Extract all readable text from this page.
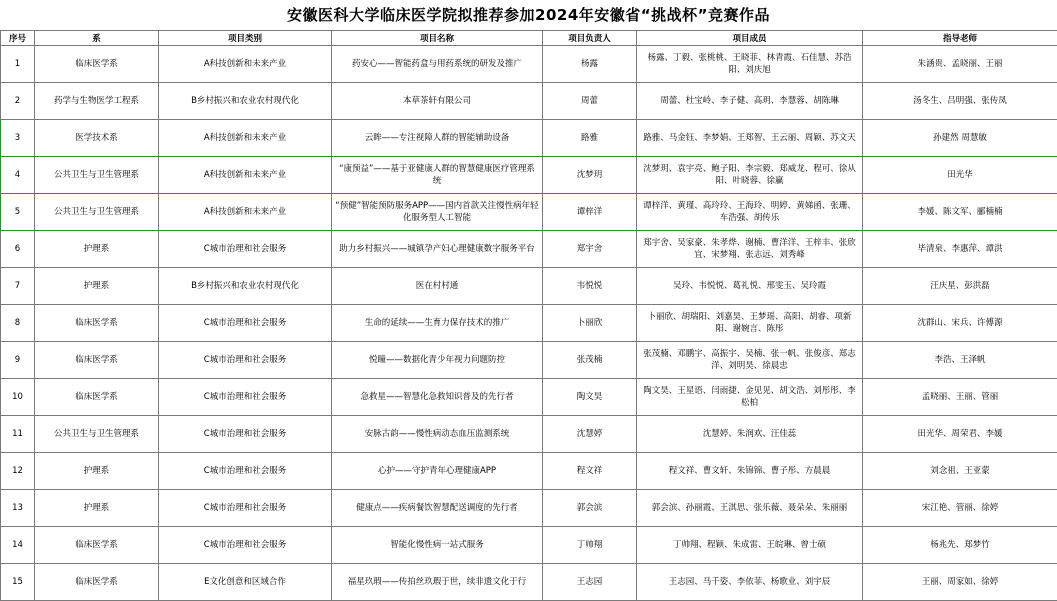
安徽医科大学临床医学院拟推荐参加2024年安徽省“挑战杯”竞赛作品
序号	系	项目类别	项目名称	项目负责人	项目成员	指导老师
1	临床医学系	A科技创新和未来产业	药安心——智能药盒与用药系统的研发及推广	杨露	杨露、丁毅、张桃桃、王晓菲、林青霞、石佳慧、苏浩阳、刘庆旭	朱涵贵、孟晓丽、王丽
2	药学与生物医学工程系	B乡村振兴和农业农村现代化	本草茶轩有限公司	周蕾	周蕾、杜宝岭、李子健、高玥、李慧蓉、胡陈琳	汤冬生、吕明强、张传凤
3	医学技术系	A科技创新和未来产业	云眸——专注视障人群的智能辅助设备	路雅	路雅、马金钰、李梦娟、王郑智、王云丽、周颖、苏文天	孙建然 周慧敏
4	公共卫生与卫生管理系	A科技创新和未来产业	“康预益”——基于亚健康人群的智慧健康医疗管理系统	沈梦玥	沈梦玥、袁宇亮、鲍子阳、李宗毅、郑威龙、程可、徐从阳、叶晓蓉、徐赢	田光华
5	公共卫生与卫生管理系	A科技创新和未来产业	“预健”智能预防服务APP——国内首款关注慢性病年轻化服务型人工智能	谭梓洋	谭梓洋、黄瑾、高玲玲、王海玲、明婷、黄娣函、张珊、车浩强、胡传乐	李媛、陈文军、郦楠楠
6	护理系	C城市治理和社会服务	助力乡村振兴——城镇孕产妇心理健康数字服务平台	郑宇舍	郑宇舍、吴家豪、朱孝烨、谢楠、曹洋洋、王梓丰、张欣宜、宋梦翔、张志远、刘秀峰	毕清泉、李惠萍、谭洪
7	护理系	B乡村振兴和农业农村现代化	医在村村通	韦悦悦	吴玲、韦悦悦、葛礼悦、邢雯玉、吴玲霞	汪庆星、彭洪磊
8	临床医学系	C城市治理和社会服务	生命的延续——生育力保存技术的推广	卜丽欣	卜丽欣、胡瑞阳、刘嘉昊、王梦瑶、高阳、胡睿、项新阳、谢婉言、陈彤	沈群山、宋兵、许傅源
9	临床医学系	C城市治理和社会服务	悦瞳——数据化青少年视力问题防控	张茂楠	张茂楠、邓鹏宇、高振宇、吴楠、张一帆、张俊彦、郑志洋、刘明昊、徐晨忠	李浩、王泽帆
10	临床医学系	C城市治理和社会服务	急救星——智慧化急救知识普及的先行者	陶文昊	陶文昊、王星语、闫雨捷、金见见、胡文浩、刘彤彤、李松柏	孟晓丽、王丽、管丽
11	公共卫生与卫生管理系	C城市治理和社会服务	安脉古韵——慢性病动态血压监测系统	沈慧婷	沈慧婷、朱润欢、汪佳蕊	田光华、周荣君、李媛
12	护理系	C城市治理和社会服务	心护——守护青年心理健康APP	程文祥	程文祥、曹文轩、朱锦锦、曹子彤、方晨晨	刘念祖、王亚蒙
13	护理系	C城市治理和社会服务	健康点——疾病餐饮智慧配送调度的先行者	郭会滨	郭会滨、孙丽霞、王淇思、张乐薇、聂朵朵、朱丽丽	宋江艳、管丽、徐婷
14	临床医学系	C城市治理和社会服务	智能化慢性病一站式服务	丁帅翔	丁帅翔、程颖、朱成雷、王皖琳、曾士硕	杨兆先、郑梦竹
15	临床医学系	E文化创意和区域合作	福星玖瑕——传拍丝玖瑕于世，续非遗文化于行	王志园	王志园、马千姿、李依菲、杨歌业、刘宇辰	王丽、周家如、徐婷
